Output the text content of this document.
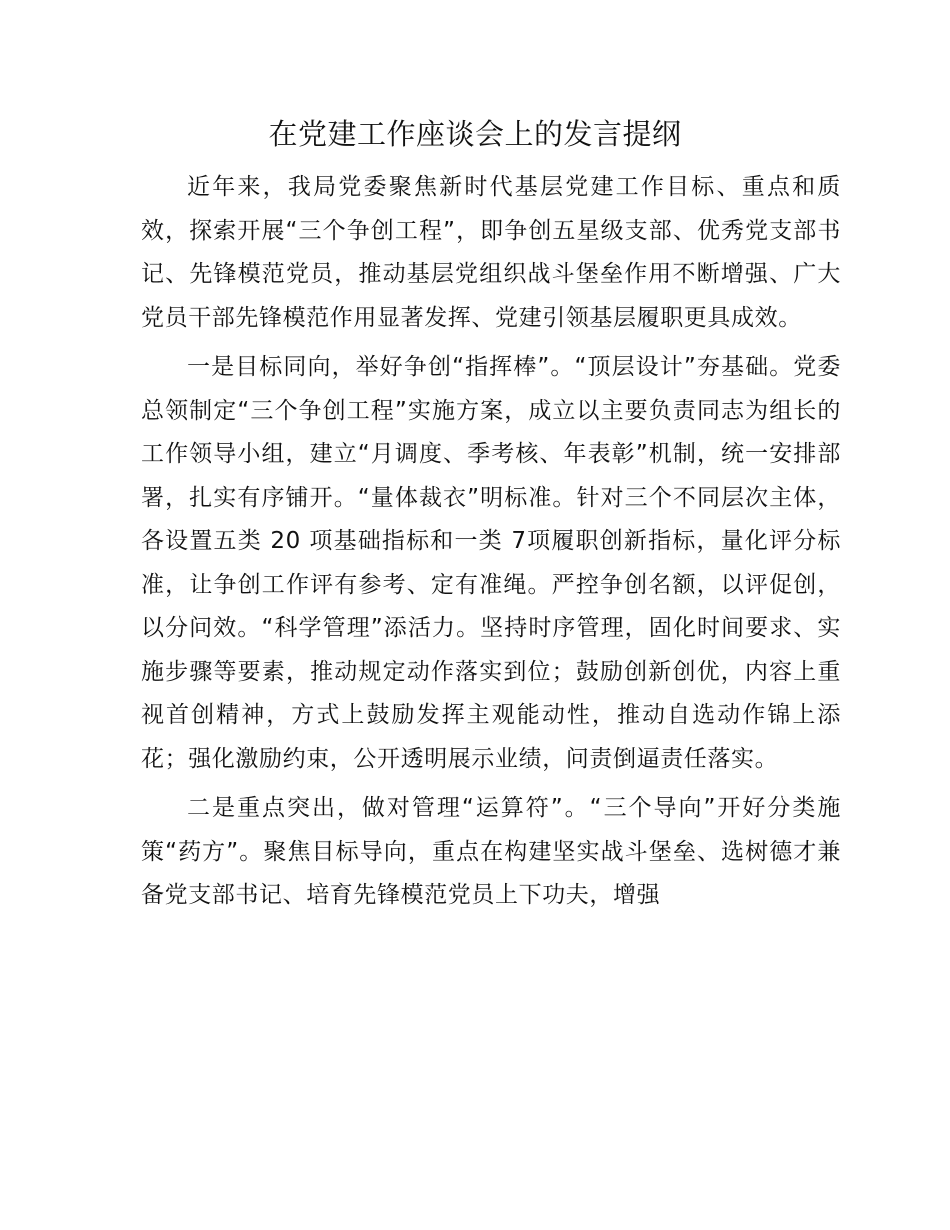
在党建工作座谈会上的发言提纲

近年来，我局党委聚焦新时代基层党建工作目标、重点和质效，探索开展“三个争创工程”，即争创五星级支部、优秀党支部书记、先锋模范党员，推动基层党组织战斗堡垒作用不断增强、广大党员干部先锋模范作用显著发挥、党建引领基层履职更具成效。

一是目标同向，举好争创“指挥棒”。“顶层设计”夯基础。党委总领制定“三个争创工程”实施方案，成立以主要负责同志为组长的工作领导小组，建立“月调度、季考核、年表彰”机制，统一安排部署，扎实有序铺开。“量体裁衣”明标准。针对三个不同层次主体，各设置五类 20 项基础指标和一类 7项履职创新指标，量化评分标准，让争创工作评有参考、定有准绳。严控争创名额，以评促创，以分问效。“科学管理”添活力。坚持时序管理，固化时间要求、实施步骤等要素，推动规定动作落实到位；鼓励创新创优，内容上重视首创精神，方式上鼓励发挥主观能动性，推动自选动作锦上添花；强化激励约束，公开透明展示业绩，问责倒逼责任落实。

二是重点突出，做对管理“运算符”。“三个导向”开好分类施策“药方”。聚焦目标导向，重点在构建坚实战斗堡垒、选树德才兼备党支部书记、培育先锋模范党员上下功夫，增强
